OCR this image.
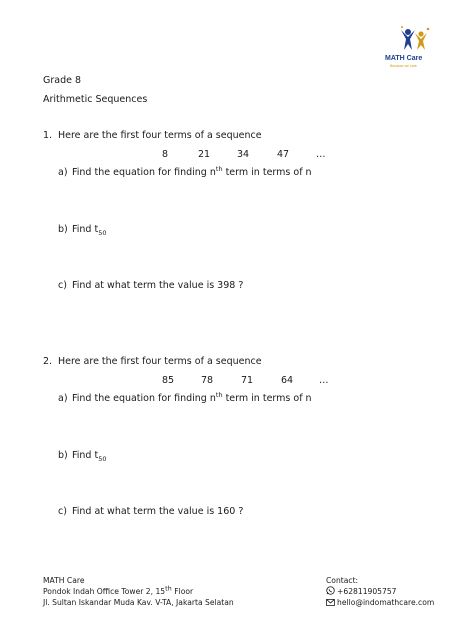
MATH Care
Because we care
Grade 8
Arithmetic Sequences
1. Here are the first four terms of a sequence
8	21	34	47	…
a) Find the equation for finding $n^{th}$ term in terms of n
b) Find $t_{50}$
c) Find at what term the value is 398 ?
2. Here are the first four terms of a sequence
85	78	71	64	…
a) Find the equation for finding $n^{th}$ term in terms of n
b) Find $t_{50}$
c) Find at what term the value is 160 ?
MATH Care
Pondok Indah Office Tower 2, 15th Floor
Jl. Sultan Iskandar Muda Kav. V-TA, Jakarta Selatan
Contact:
+62811905757
hello@indomathcare.com
